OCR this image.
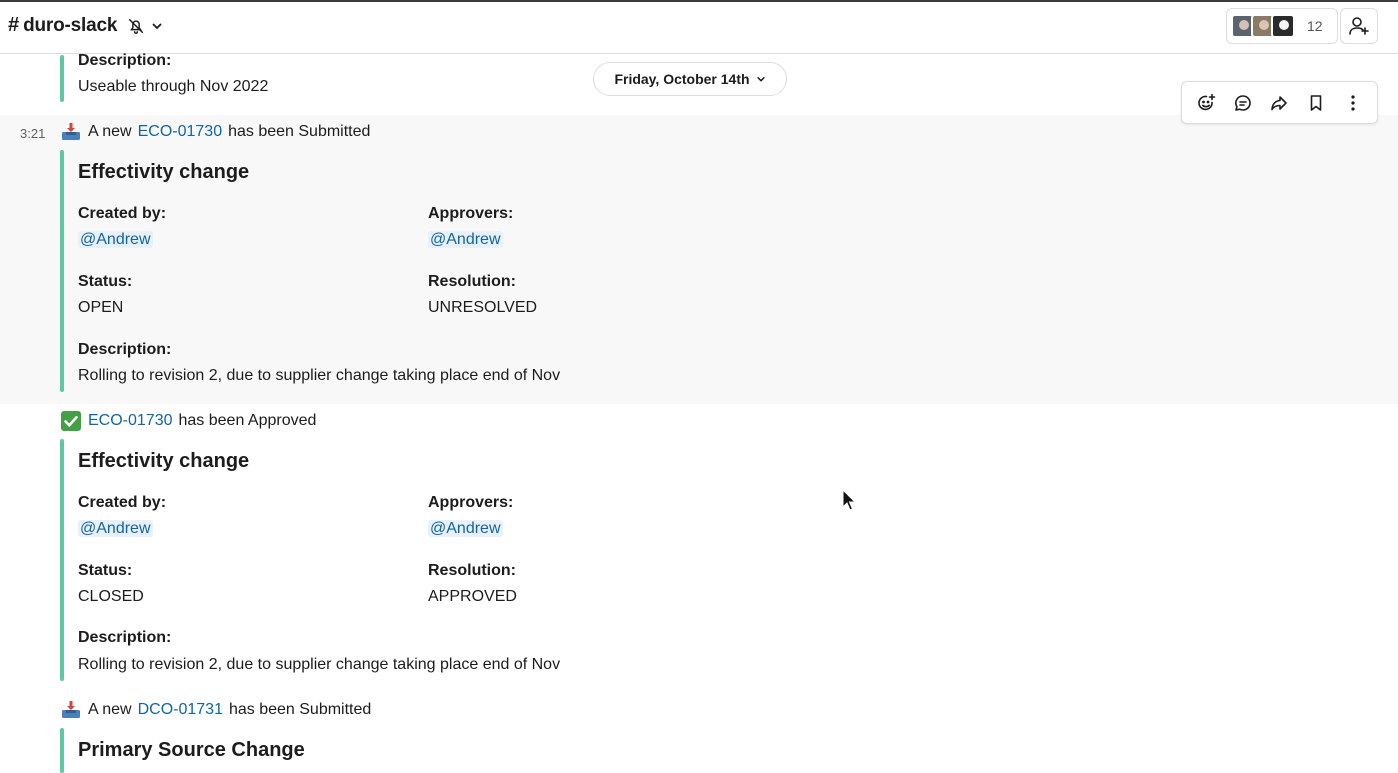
# duro-slack	12
Description:
Useable through Nov 2022	Friday, October 14th
3:21	A new ECO-01730 has been Submitted
Effectivity change
Created by:
@Andrew
Approvers:
@Andrew
Status:
OPEN
Resolution:
UNRESOLVED
Description:
Rolling to revision 2, due to supplier change taking place end of Nov
ECO-01730 has been Approved
Effectivity change
Created by:
@Andrew
Approvers:
@Andrew
Status:
CLOSED
Resolution:
APPROVED
Description:
Rolling to revision 2, due to supplier change taking place end of Nov
A new DCO-01731 has been Submitted
Primary Source Change
